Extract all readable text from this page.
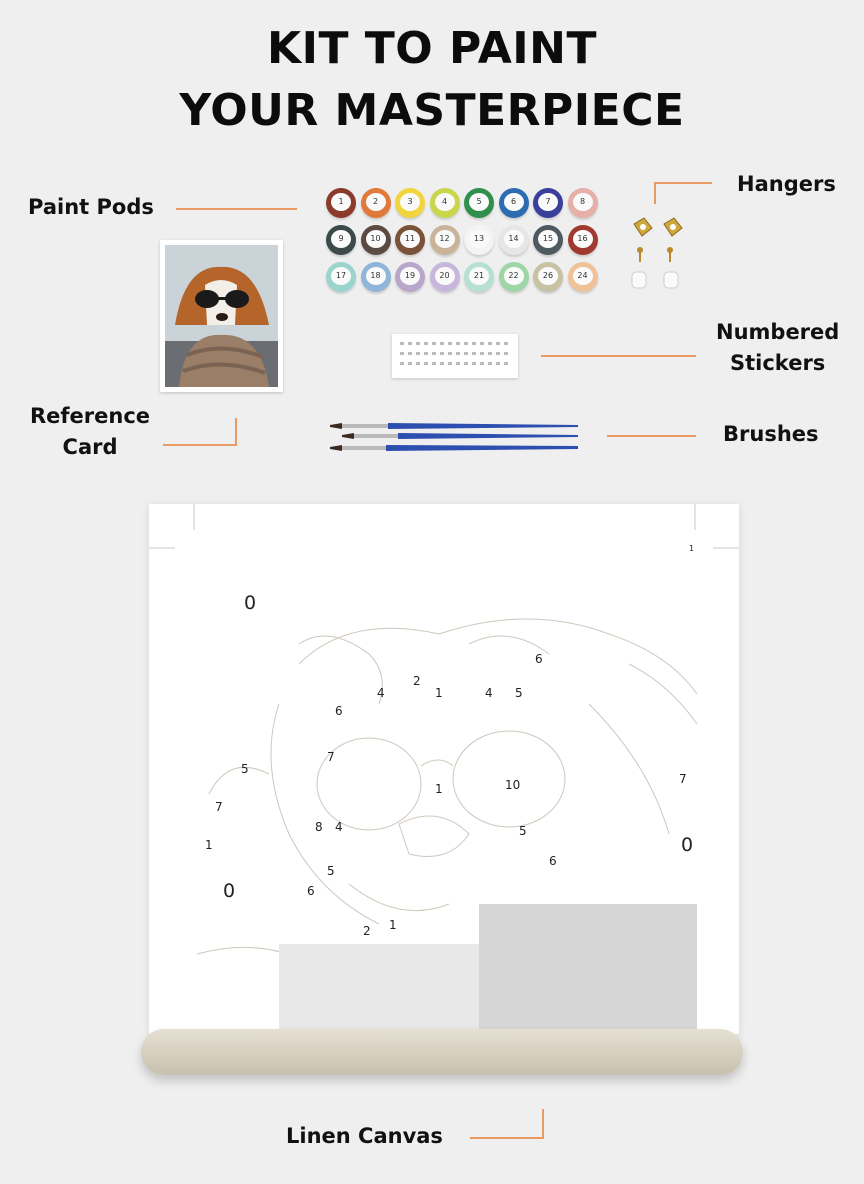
KIT TO PAINT
YOUR MASTERPIECE
Paint Pods	1	2	3	4	5	6	7	8
9	10	11	12	13	14	15	16
17	18	19	20	21	22	26	24
Hangers
Reference
Card
Numbered
Stickers
Brushes
0
1
2
4	1	4 5
6
6
5
7
1
7
10
8 4
5
6
5
0
1
6
7
0
2 1
Linen Canvas
